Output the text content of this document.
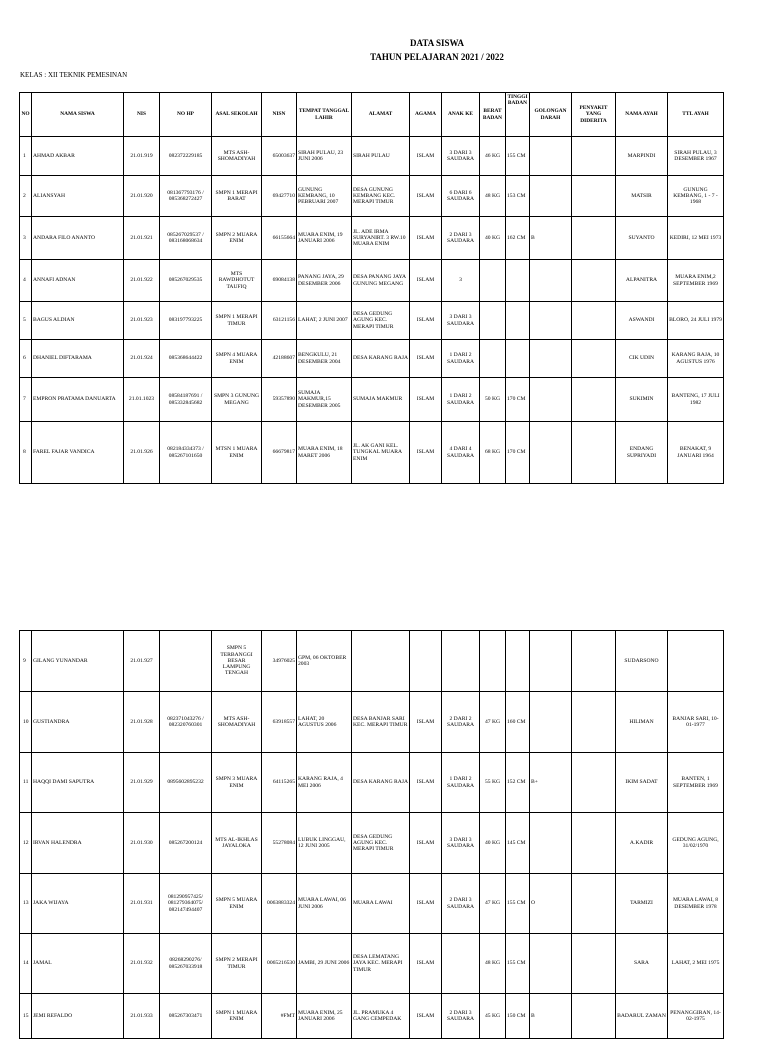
DATA SISWA
TAHUN PELAJARAN 2021 / 2022
KELAS : XII TEKNIK PEMESINAN
NO	NAMA SISWA	NIS	NO HP	ASAL SEKOLAH	NISN	TEMPAT TANGGAL LAHIR	ALAMAT	AGAMA	ANAK KE	BERAT BADAN	TINGGI BADAN	GOLONGAN DARAH	PENYAKIT YANG DIDERITA	NAMA AYAH	TTL AYAH
1	AHMAD AKBAR	21.01.919	082372229185	MTS ASH-SHOMADIYAH	65003637	SIRAH PULAU, 23 JUNI 2006	SIRAH PULAU	ISLAM	3 DARI 3 SAUDARA	46 KG	155 CM			MARPINDI	SIRAH PULAU, 3 DESEMBER 1967
2	ALIANSYAH	21.01.920	081367793176 / 085368272427	SMPN 1 MERAPI BARAT	69427710	GUNUNG KEMBANG, 10 PEBRUARI 2007	DESA GUNUNG KEMBANG KEC. MERAPI TIMUR	ISLAM	6 DARI 6 SAUDARA	48 KG	153 CM			MATSIR	GUNUNG KEMBANG, 1 - 7 - 1968
3	ANDARA FILO ANANTO	21.01.921	085267029537 / 083168068634	SMPN 2 MUARA ENIM	66155664	MUARA ENIM, 19 JANUARI 2006	JL. ADE IRMA SURYANIRT. 3 RW.10 MUARA ENIM	ISLAM	2 DARI 3 SAUDARA	40 KG	162 CM	B		SUYANTO	KEDIRI, 12 MEI 1973
4	ANNAFI ADNAN	21.01.922	085267029535	MTS RAWDHOTUT TAUFIQ	69084138	PANANG JAYA, 29 DESEMBER 2006	DESA PANANG JAYA GUNUNG MEGANG	ISLAM	3					ALPANITRA	MUARA ENIM,2 SEPTEMBER 1969
5	BAGUS ALDIAN	21.01.923	083197793225	SMPN 1 MERAPI TIMUR	63121156	LAHAT, 2 JUNI 2007	DESA GEDUNG AGUNG KEC. MERAPI TIMUR	ISLAM	3 DARI 3 SAUDARA					ASWANDI	BLORO, 24 JULI 1979
6	DHANIEL DIFTARAMA	21.01.924	085368644422	SMPN 4 MUARA ENIM	42188607	BENGKULU, 21 DESEMBER 2004	DESA KARANG RAJA	ISLAM	1 DARI 2 SAUDARA					CIK UDIN	KARANG RAJA, 10 AGUSTUS 1976
7	EMPRON PRATAMA DANUARTA	21.01.1023	08584187691 / 085332845682	SMPN 3 GUNUNG MEGANG	59357890	SUMAJA MAKMUR,15 DESEMBER 2005	SUMAJA MAKMUR	ISLAM	1 DARI 2 SAUDARA	50 KG	170 CM			SUKIMIN	BANTENG, 17 JULI 1982
8	FAREL FAJAR VANDICA	21.01.926	082184334373 / 085267101650	MTSN 1 MUARA ENIM	66679817	MUARA ENIM, 18 MARET 2006	JL. AK GANI KEL. TUNGKAL MUARA ENIM	ISLAM	4 DARI 4 SAUDARA	68 KG	170 CM			ENDANG SUPRIYADI	BENAKAT, 9 JANUARI 1964
9	GILANG YUNANDAR	21.01.927		SMPN 5 TERBANGGI BESAR LAMPUNG TENGAH	34976025	GPM, 06 OKTOBER 2003								SUDARSONO	
10	GUSTIANDRA	21.01.928	082371043276 / 082320760301	MTS ASH-SHOMADIYAH	63918557	LAHAT, 20 AGUSTUS 2006	DESA BANJAR SARI KEC. MERAPI TIMUR	ISLAM	2 DARI 2 SAUDARA	47 KG	160 CM			HILIMAN	BANJAR SARI, 10-01-1977
11	HAQQI DAMI SAPUTRA	21.01.929	0895602895232	SMPN 3 MUARA ENIM	64115265	KARANG RAJA, 4 MEI 2006	DESA KARANG RAJA	ISLAM	1 DARI 2 SAUDARA	55 KG	152 CM	B+		IKIM SADAT	BANTEN, 1 SEPTEMBER 1969
12	IRVAN HALENDRA	21.01.930	085267200124	MTS AL-IKHLAS JAYALOKA	55278084	LUBUK LINGGAU, 12 JUNI 2005	DESA GEDUNG AGUNG KEC. MERAPI TIMUR	ISLAM	3 DARI 3 SAUDARA	40 KG	145 CM			A.KADIR	GEDUNG AGUNG, 31/02/1970
13	JAKA WIJAYA	21.01.931	081290957425/ 081279364075/ 082147494407	SMPN 5 MUARA ENIM	0063883324	MUARA LAWAI, 06 JUNI 2006	MUARA LAWAI	ISLAM	2 DARI 3 SAUDARA	47 KG	155 CM	O		TARMIZI	MUARA LAWAI, 8 DESEMBER 1978
14	JAMAL	21.01.932	08268290276/ 085267033918	SMPN 2 MERAPI TIMUR	0065216530	JAMBI, 29 JUNI 2006	DESA LEMATANG JAYA KEC. MERAPI TIMUR	ISLAM		48 KG	155 CM			SARA	LAHAT, 2 MEI 1975
15	JEMI REFALDO	21.01.933	085267303471	SMPN 1 MUARA ENIM	#FMT	MUARA ENIM, 25 JANUARI 2006	JL. PRAMUKA 4 GANG CEMPEDAK	ISLAM	2 DARI 3 SAUDARA	45 KG	150 CM	B		BADARUL ZAMAN	PENANGGIRAN, 14-02-1975
